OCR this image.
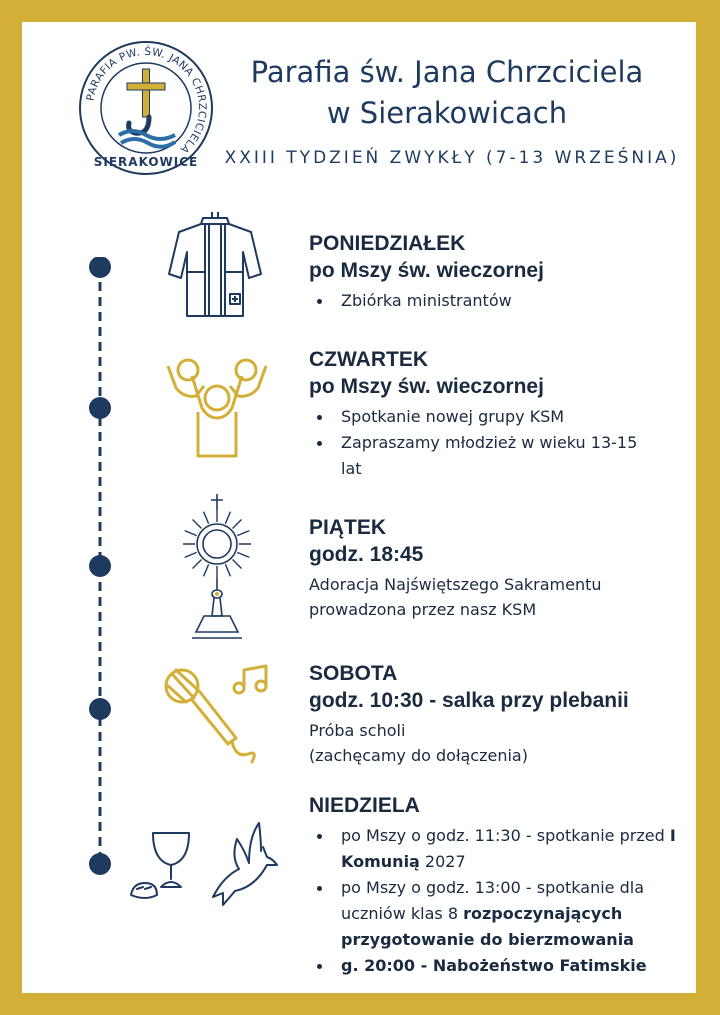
PARAFIA PW. ŚW. JANA CHRZCICIELA
SIERAKOWICE
Parafia św. Jana Chrzciciela
w Sierakowicach
XXIII TYDZIEŃ ZWYKŁY (7-13 WRZEŚNIA)
PONIEDZIAŁEK
po Mszy św. wieczornej
Zbiórka ministrantów
CZWARTEK
po Mszy św. wieczornej
Spotkanie nowej grupy KSM
Zapraszamy młodzież w wieku 13-15 lat
PIĄTEK
godz. 18:45
Adoracja Najświętszego Sakramentu
prowadzona przez nasz KSM
SOBOTA
godz. 10:30 - salka przy plebanii
Próba scholi
(zachęcamy do dołączenia)
NIEDZIELA
po Mszy o godz. 11:30 - spotkanie przed I Komunią 2027
po Mszy o godz. 13:00 - spotkanie dla uczniów klas 8 rozpoczynających przygotowanie do bierzmowania
g. 20:00 - Nabożeństwo Fatimskie
